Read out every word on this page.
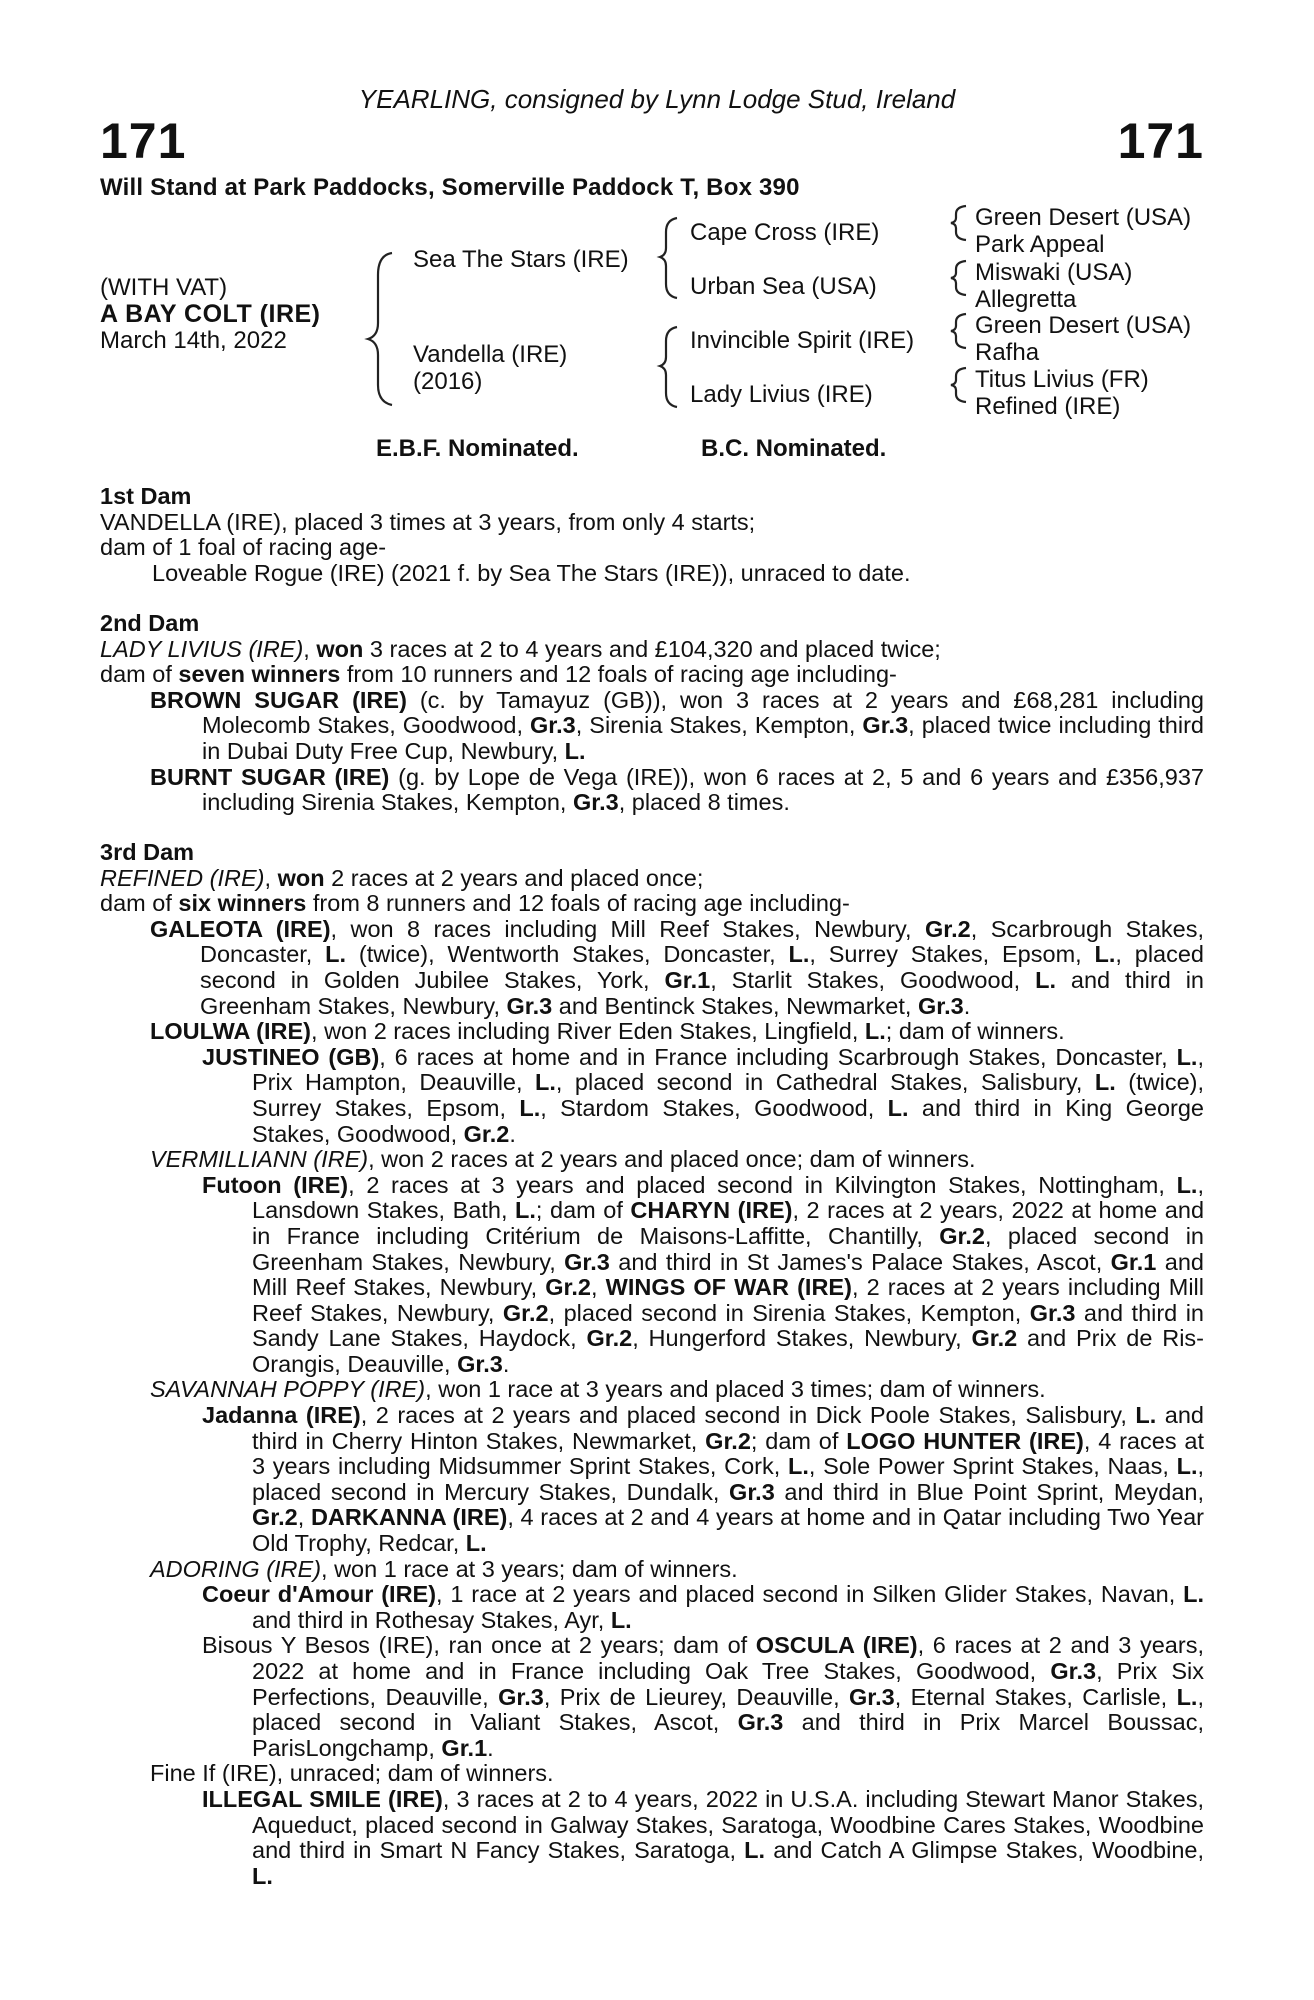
YEARLING, consigned by Lynn Lodge Stud, Ireland
171	171
Will Stand at Park Paddocks, Somerville Paddock T, Box 390
(WITH VAT)
A BAY COLT (IRE)
March 14th, 2022
Sea The Stars (IRE)
Vandella (IRE)
(2016)
Cape Cross (IRE)
Urban Sea (USA)
Invincible Spirit (IRE)
Lady Livius (IRE)
Green Desert (USA)
Park Appeal
Miswaki (USA)
Allegretta
Green Desert (USA)
Rafha
Titus Livius (FR)
Refined (IRE)
E.B.F. Nominated.	B.C. Nominated.

1st Dam

VANDELLA (IRE), placed 3 times at 3 years, from only 4 starts;

dam of 1 foal of racing age-

Loveable Rogue (IRE) (2021 f. by Sea The Stars (IRE)), unraced to date.

2nd Dam

LADY LIVIUS (IRE), won 3 races at 2 to 4 years and £104,320 and placed twice;

dam of seven winners from 10 runners and 12 foals of racing age including-

BROWN SUGAR (IRE) (c. by Tamayuz (GB)), won 3 races at 2 years and £68,281 including Molecomb Stakes, Goodwood, Gr.3, Sirenia Stakes, Kempton, Gr.3, placed twice including third in Dubai Duty Free Cup, Newbury, L.

BURNT SUGAR (IRE) (g. by Lope de Vega (IRE)), won 6 races at 2, 5 and 6 years and £356,937 including Sirenia Stakes, Kempton, Gr.3, placed 8 times.

3rd Dam

REFINED (IRE), won 2 races at 2 years and placed once;

dam of six winners from 8 runners and 12 foals of racing age including-

GALEOTA (IRE), won 8 races including Mill Reef Stakes, Newbury, Gr.2, Scarbrough Stakes, Doncaster, L. (twice), Wentworth Stakes, Doncaster, L., Surrey Stakes, Epsom, L., placed second in Golden Jubilee Stakes, York, Gr.1, Starlit Stakes, Goodwood, L. and third in Greenham Stakes, Newbury, Gr.3 and Bentinck Stakes, Newmarket, Gr.3.

LOULWA (IRE), won 2 races including River Eden Stakes, Lingfield, L.; dam of winners.

JUSTINEO (GB), 6 races at home and in France including Scarbrough Stakes, Doncaster, L., Prix Hampton, Deauville, L., placed second in Cathedral Stakes, Salisbury, L. (twice), Surrey Stakes, Epsom, L., Stardom Stakes, Goodwood, L. and third in King George Stakes, Goodwood, Gr.2.

VERMILLIANN (IRE), won 2 races at 2 years and placed once; dam of winners.

Futoon (IRE), 2 races at 3 years and placed second in Kilvington Stakes, Nottingham, L., Lansdown Stakes, Bath, L.; dam of CHARYN (IRE), 2 races at 2 years, 2022 at home and in France including Critérium de Maisons-Laffitte, Chantilly, Gr.2, placed second in Greenham Stakes, Newbury, Gr.3 and third in St James's Palace Stakes, Ascot, Gr.1 and Mill Reef Stakes, Newbury, Gr.2, WINGS OF WAR (IRE), 2 races at 2 years including Mill Reef Stakes, Newbury, Gr.2, placed second in Sirenia Stakes, Kempton, Gr.3 and third in Sandy Lane Stakes, Haydock, Gr.2, Hungerford Stakes, Newbury, Gr.2 and Prix de Ris-Orangis, Deauville, Gr.3.

SAVANNAH POPPY (IRE), won 1 race at 3 years and placed 3 times; dam of winners.

Jadanna (IRE), 2 races at 2 years and placed second in Dick Poole Stakes, Salisbury, L. and third in Cherry Hinton Stakes, Newmarket, Gr.2; dam of LOGO HUNTER (IRE), 4 races at 3 years including Midsummer Sprint Stakes, Cork, L., Sole Power Sprint Stakes, Naas, L., placed second in Mercury Stakes, Dundalk, Gr.3 and third in Blue Point Sprint, Meydan, Gr.2, DARKANNA (IRE), 4 races at 2 and 4 years at home and in Qatar including Two Year Old Trophy, Redcar, L.

ADORING (IRE), won 1 race at 3 years; dam of winners.

Coeur d'Amour (IRE), 1 race at 2 years and placed second in Silken Glider Stakes, Navan, L. and third in Rothesay Stakes, Ayr, L.

Bisous Y Besos (IRE), ran once at 2 years; dam of OSCULA (IRE), 6 races at 2 and 3 years, 2022 at home and in France including Oak Tree Stakes, Goodwood, Gr.3, Prix Six Perfections, Deauville, Gr.3, Prix de Lieurey, Deauville, Gr.3, Eternal Stakes, Carlisle, L., placed second in Valiant Stakes, Ascot, Gr.3 and third in Prix Marcel Boussac, ParisLongchamp, Gr.1.

Fine If (IRE), unraced; dam of winners.

ILLEGAL SMILE (IRE), 3 races at 2 to 4 years, 2022 in U.S.A. including Stewart Manor Stakes, Aqueduct, placed second in Galway Stakes, Saratoga, Woodbine Cares Stakes, Woodbine and third in Smart N Fancy Stakes, Saratoga, L. and Catch A Glimpse Stakes, Woodbine, L.
